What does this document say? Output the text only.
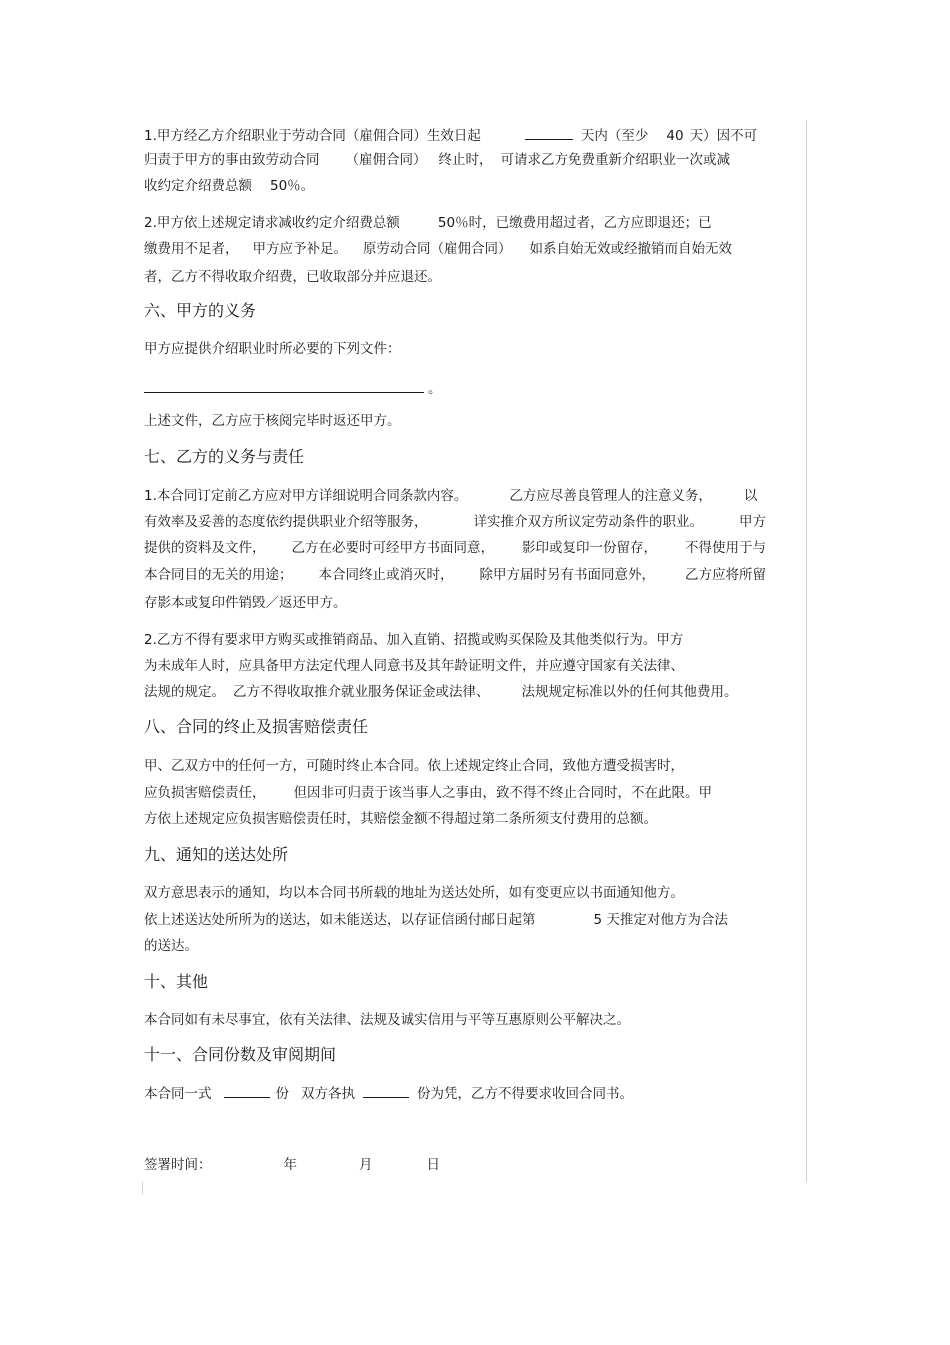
1.甲方经乙方介绍职业于劳动合同（雇佣合同）生效日起	天内（至少 40 天）因不可
归责于甲方的事由致劳动合同 （雇佣合同） 终止时， 可请求乙方免费重新介绍职业一次或减
收约定介绍费总额 50％。
2.甲方依上述规定请求减收约定介绍费总额	50％时，已缴费用超过者，乙方应即退还；已
缴费用不足者， 甲方应予补足。 原劳动合同（雇佣合同） 如系自始无效或经撤销而自始无效
者，乙方不得收取介绍费，已收取部分并应退还。
六、甲方的义务
甲方应提供介绍职业时所必要的下列文件：
。
上述文件，乙方应于核阅完毕时返还甲方。
七、乙方的义务与责任
1.本合同订定前乙方应对甲方详细说明合同条款内容。	乙方应尽善良管理人的注意义务， 以
有效率及妥善的态度依约提供职业介绍等服务，	详实推介双方所议定劳动条件的职业。	甲方
提供的资料及文件， 乙方在必要时可经甲方书面同意， 影印或复印一份留存， 不得使用于与
本合同目的无关的用途； 本合同终止或消灭时， 除甲方届时另有书面同意外， 乙方应将所留
存影本或复印件销毁／返还甲方。
2.乙方不得有要求甲方购买或推销商品、加入直销、招揽或购买保险及其他类似行为。甲方
为未成年人时，应具备甲方法定代理人同意书及其年龄证明文件，并应遵守国家有关法律、
法规的规定。 乙方不得收取推介就业服务保证金或法律、 法规规定标准以外的任何其他费用。
八、合同的终止及损害赔偿责任
甲、乙双方中的任何一方，可随时终止本合同。依上述规定终止合同，致他方遭受损害时，
应负损害赔偿责任， 但因非可归责于该当事人之事由，致不得不终止合同时，不在此限。甲
方依上述规定应负损害赔偿责任时，其赔偿金额不得超过第二条所须支付费用的总额。
九、通知的送达处所
双方意思表示的通知，均以本合同书所载的地址为送达处所，如有变更应以书面通知他方。
依上述送达处所所为的送达，如未能送达，以存证信函付邮日起第	5 天推定对他方为合法
的送达。
十、其他
本合同如有未尽事宜，依有关法律、法规及诚实信用与平等互惠原则公平解决之。
十一、合同份数及审阅期间
本合同一式	份 双方各执	份为凭，乙方不得要求收回合同书。
签署时间：	年	月	日
